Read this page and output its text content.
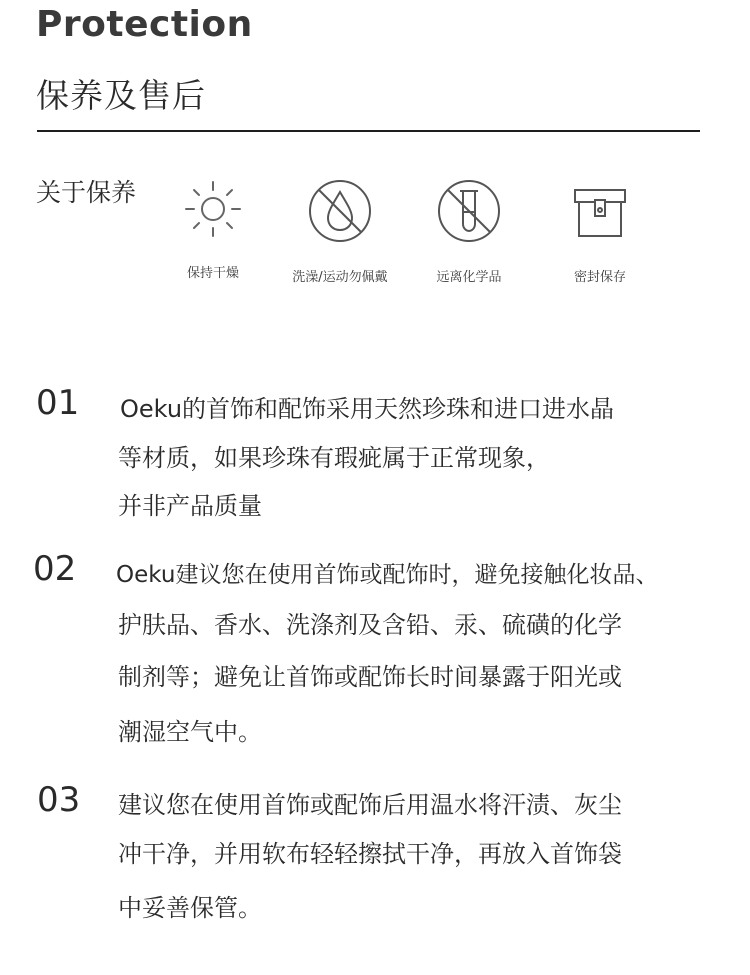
Protection
保养及售后
关于保养
保持干燥	洗澡/运动勿佩戴	远离化学品	密封保存
01 Oeku的首饰和配饰采用天然珍珠和进口进水晶
等材质，如果珍珠有瑕疵属于正常现象，
并非产品质量
02 Oeku建议您在使用首饰或配饰时，避免接触化妆品、
护肤品、香水、洗涤剂及含铅、汞、硫磺的化学
制剂等；避免让首饰或配饰长时间暴露于阳光或
潮湿空气中。
03 建议您在使用首饰或配饰后用温水将汗渍、灰尘
冲干净，并用软布轻轻擦拭干净，再放入首饰袋
中妥善保管。
